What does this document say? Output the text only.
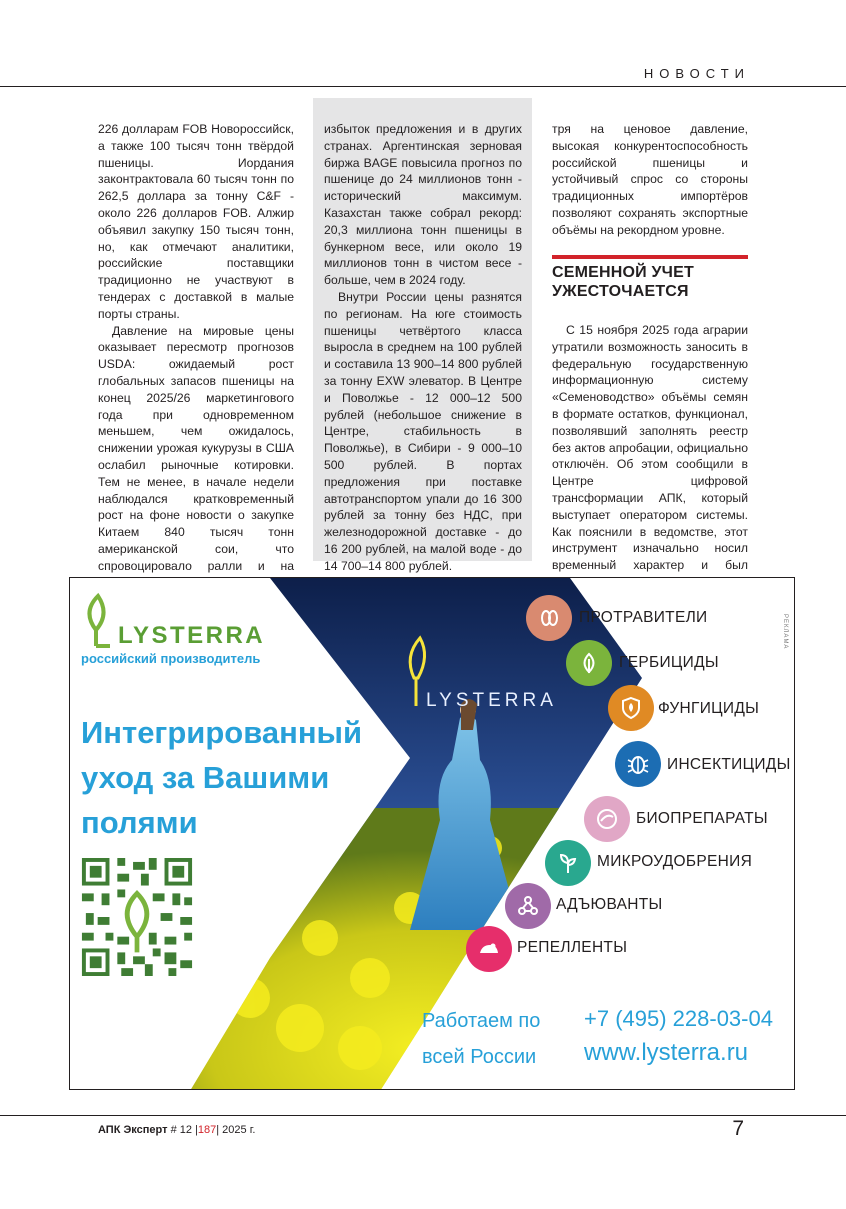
НОВОСТИ

226 долларам FOB Новороссийск, а также 100 тысяч тонн твёрдой пшеницы. Иордания законтрактовала 60 тысяч тонн по 262,5 доллара за тонну C&F - около 226 долларов FOB. Алжир объявил закупку 150 тысяч тонн, но, как отмечают аналитики, российские поставщики традиционно не участвуют в тендерах с доставкой в малые порты страны.

Давление на мировые цены оказывает пересмотр прогнозов USDA: ожидаемый рост глобальных запасов пшеницы на конец 2025/26 маркетингового года при одновременном меньшем, чем ожидалось, снижении урожая кукурузы в США ослабил рыночные котировки. Тем не менее, в начале недели наблюдался кратковременный рост на фоне новости о закупке Китаем 840 тысяч тонн американской сои, что спровоцировало ралли и на

избыток предложения и в других странах. Аргентинская зерновая биржа BAGE повысила прогноз по пшенице до 24 миллионов тонн - исторический максимум. Казахстан также собрал рекорд: 20,3 миллиона тонн пшеницы в бункерном весе, или около 19 миллионов тонн в чистом весе - больше, чем в 2024 году.

Внутри России цены разнятся по регионам. На юге стоимость пшеницы четвёртого класса выросла в среднем на 100 рублей и составила 13 900–14 800 рублей за тонну EXW элеватор. В Центре и Поволжье - 12 000–12 500 рублей (небольшое снижение в Центре, стабильность в Поволжье), в Сибири - 9 000–10 500 рублей. В портах предложения при поставке автотранспортом упали до 16 300 рублей за тонну без НДС, при железнодорожной доставке - до 16 200 рублей, на малой воде - до 14 700–14 800 рублей.

тря на ценовое давление, высокая конкурентоспособность российской пшеницы и устойчивый спрос со стороны традиционных импортёров позволяют сохранять экспортные объёмы на рекордном уровне.

СЕМЕННОЙ УЧЕТ УЖЕСТОЧАЕТСЯ

С 15 ноября 2025 года аграрии утратили возможность заносить в федеральную государственную информационную систему «Семеноводство» объёмы семян в формате остатков, функционал, позволявший заполнять реестр без актов апробации, официально отключён. Об этом сообщили в Центре цифровой трансформации АПК, который выступает оператором системы. Как пояснили в ведомстве, этот инструмент изначально носил временный характер и был

LYSTERRA
РЕКЛАМА
LYSTERRA
российский производитель
Интегрированный уход за Вашими полями
ПРОТРАВИТЕЛИ
ГЕРБИЦИДЫ
ФУНГИЦИДЫ
ИНСЕКТИЦИДЫ
БИОПРЕПАРАТЫ
МИКРОУДОБРЕНИЯ
АДЪЮВАНТЫ
РЕПЕЛЛЕНТЫ
Работаем по
всей России
+7 (495) 228-03-04
www.lysterra.ru
АПК Эксперт # 12 |187| 2025 г.	7
